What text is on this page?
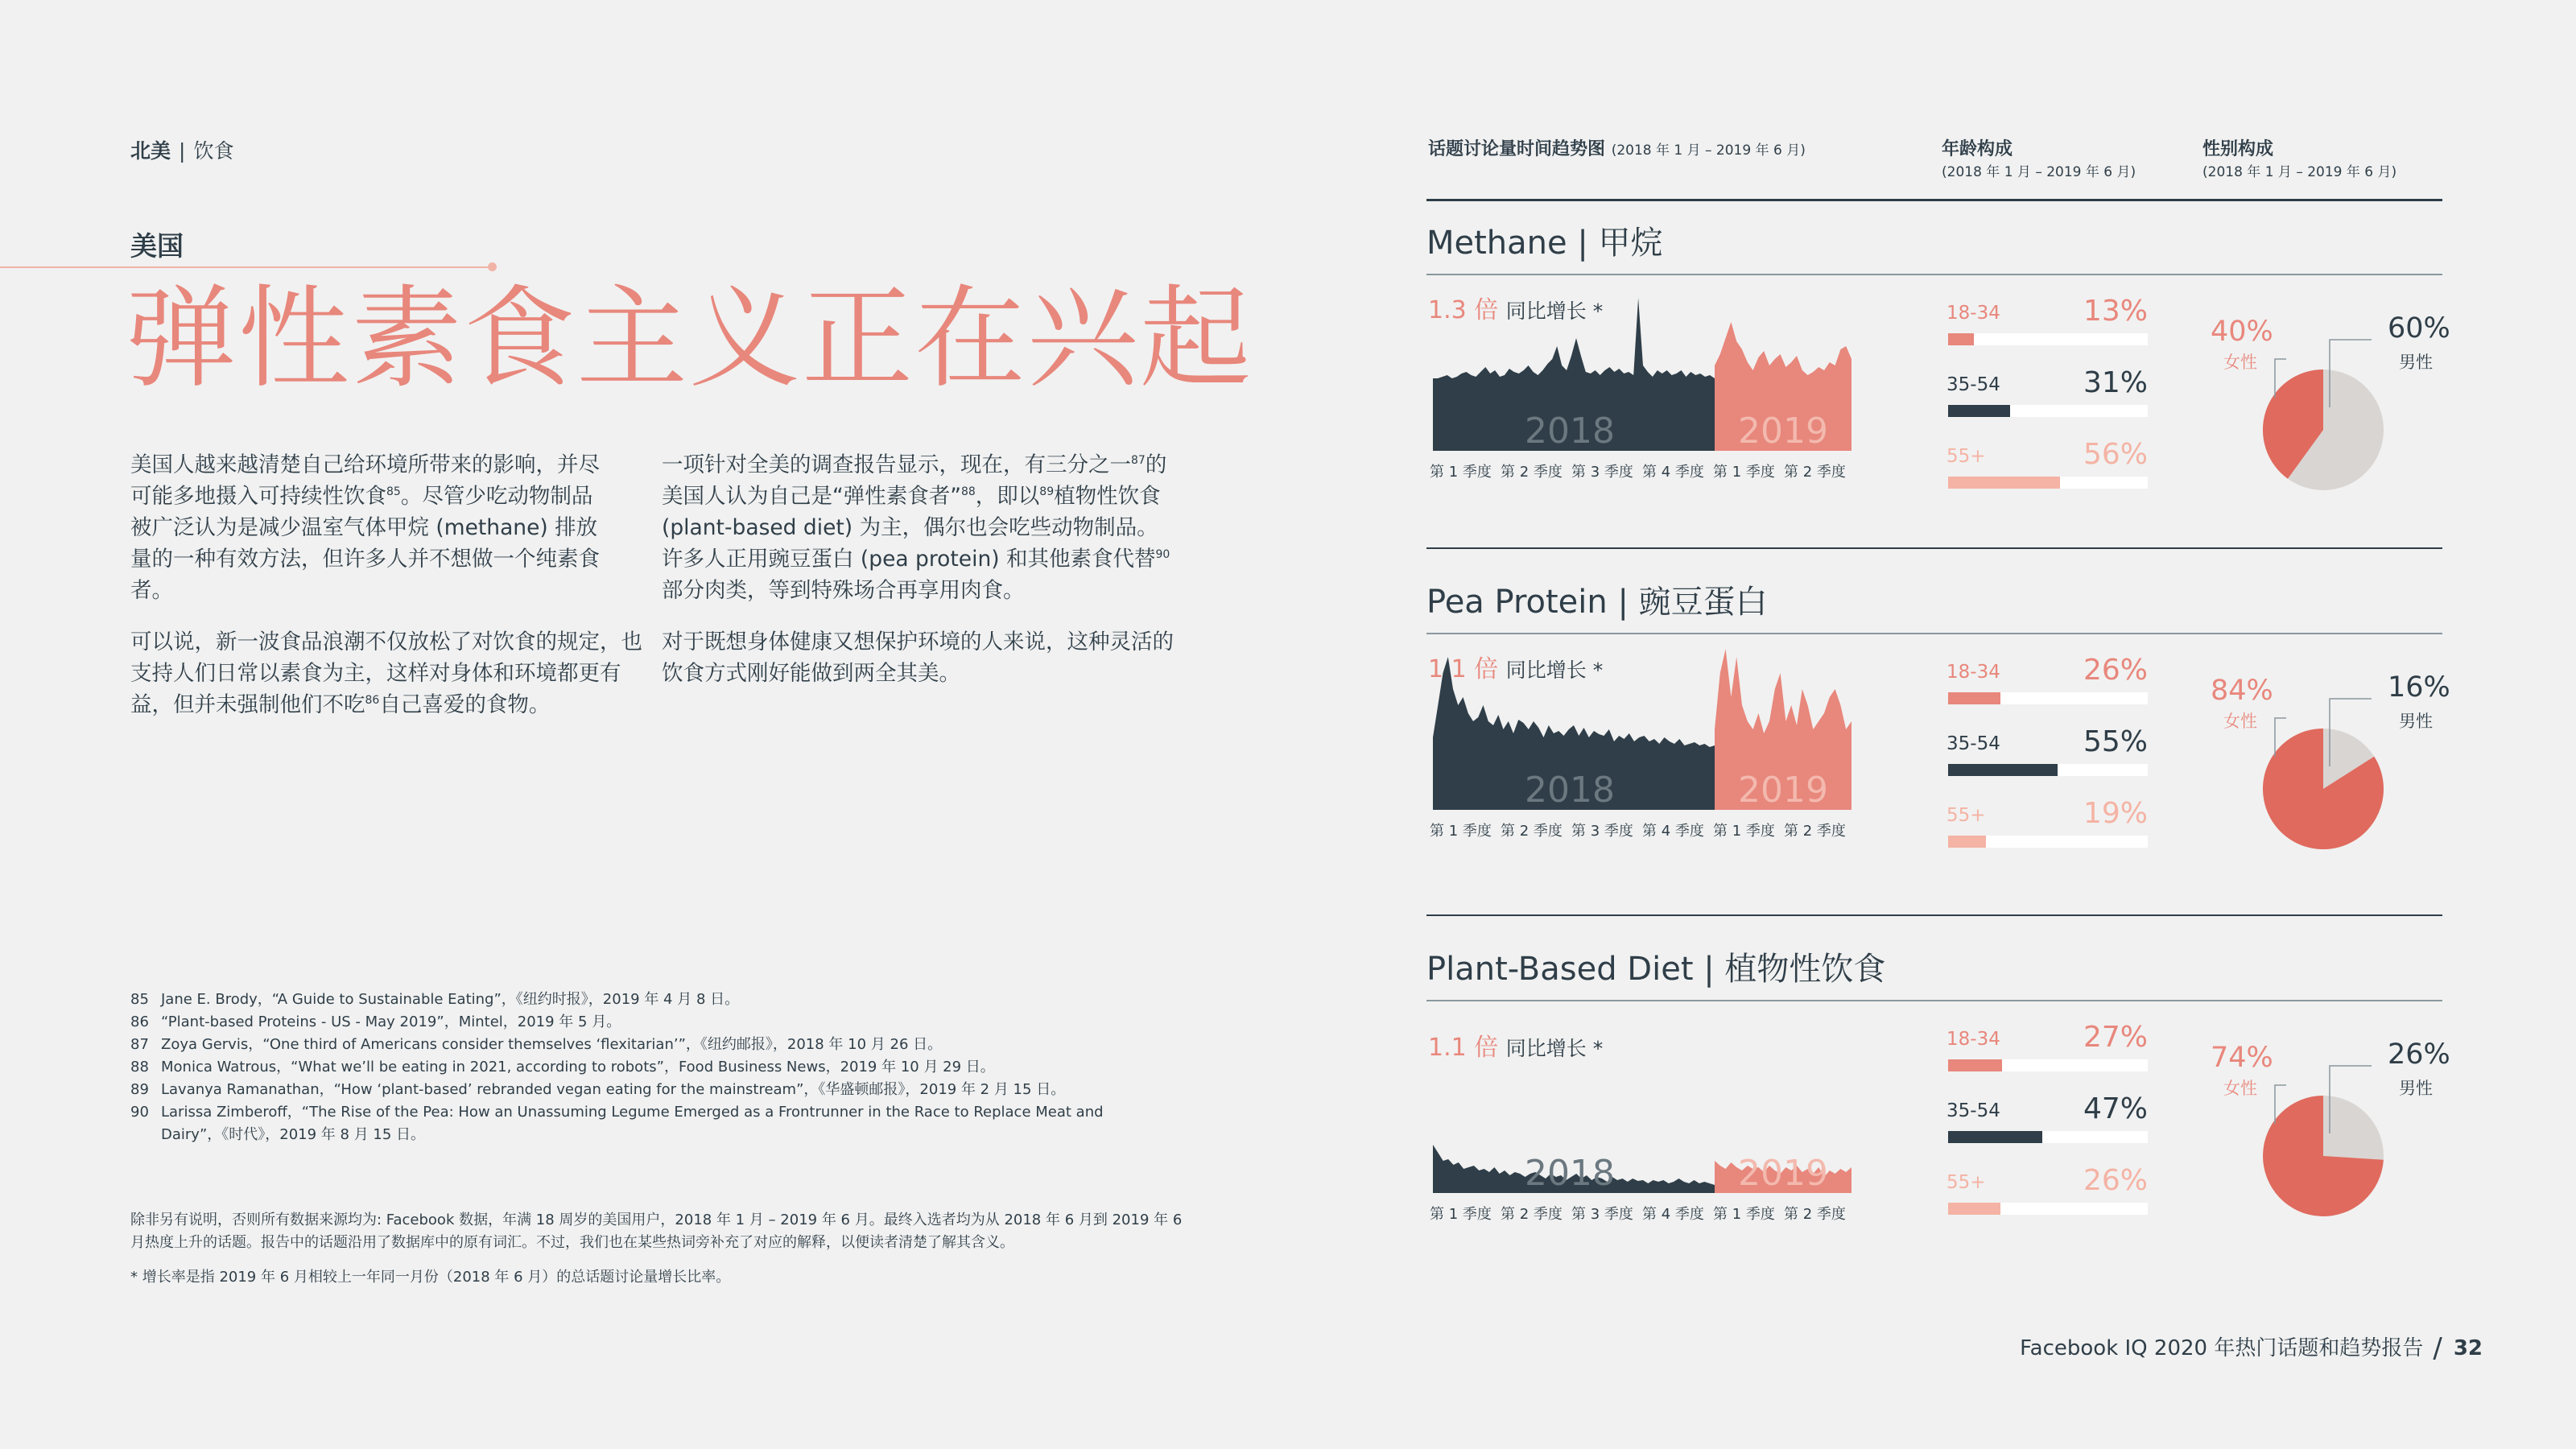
北美 | 饮食
美国
弹性素食主义正在兴起
美国人越来越清楚自己给环境所带来的影响，并尽可能多地摄入可持续性饮食$^{85}$。尽管少吃动物制品被广泛认为是减少温室气体甲烷 (methane) 排放量的一种有效方法，但许多人并不想做一个纯素食者。
可以说，新一波食品浪潮不仅放松了对饮食的规定，也支持人们日常以素食为主，这样对身体和环境都更有益，但并未强制他们不吃$^{86}$自己喜爱的食物。
一项针对全美的调查报告显示，现在，有三分之一$^{87}$的美国人认为自己是“弹性素食者”$^{88}$，即以$^{89}$植物性饮食 (plant-based diet) 为主，偶尔也会吃些动物制品。许多人正用豌豆蛋白 (pea protein) 和其他素食代替$^{90}$部分肉类，等到特殊场合再享用肉食。
对于既想身体健康又想保护环境的人来说，这种灵活的饮食方式刚好能做到两全其美。
85 Jane E. Brody，“A Guide to Sustainable Eating”，《纽约时报》，2019 年 4 月 8 日。
86 “Plant-based Proteins - US - May 2019”，Mintel，2019 年 5 月。
87 Zoya Gervis，“One third of Americans consider themselves ‘flexitarian’”，《纽约邮报》，2018 年 10 月 26 日。
88 Monica Watrous，“What we’ll be eating in 2021, according to robots”，Food Business News，2019 年 10 月 29 日。
89 Lavanya Ramanathan，“How ‘plant-based’ rebranded vegan eating for the mainstream”，《华盛顿邮报》，2019 年 2 月 15 日。
90 Larissa Zimberoff，“The Rise of the Pea: How an Unassuming Legume Emerged as a Frontrunner in the Race to Replace Meat and Dairy”，《时代》，2019 年 8 月 15 日。
除非另有说明，否则所有数据来源均为: Facebook 数据，年满 18 周岁的美国用户，2018 年 1 月 – 2019 年 6 月。最终入选者均为从 2018 年 6 月到 2019 年 6 月热度上升的话题。报告中的话题沿用了数据库中的原有词汇。不过，我们也在某些热词旁补充了对应的解释，以便读者清楚了解其含义。
* 增长率是指 2019 年 6 月相较上一年同一月份（2018 年 6 月）的总话题讨论量增长比率。
话题讨论量时间趋势图 (2018 年 1 月 – 2019 年 6 月)	年龄构成
(2018 年 1 月 – 2019 年 6 月)
性别构成
(2018 年 1 月 – 2019 年 6 月)
Methane | 甲烷
1.3 倍 同比增长 *
2018	2019
第 1 季度 第 2 季度 第 3 季度 第 4 季度 第 1 季度 第 2 季度
18-34	13%
35-54	31%
55+	56%
40%
女性
60%
男性
Pea Protein | 豌豆蛋白
1.1 倍 同比增长 *
2018	2019
第 1 季度 第 2 季度 第 3 季度 第 4 季度 第 1 季度 第 2 季度
18-34	26%
35-54	55%
55+	19%
84%
女性
16%
男性
Plant-Based Diet | 植物性饮食
1.1 倍 同比增长 *
2018	2019
第 1 季度 第 2 季度 第 3 季度 第 4 季度 第 1 季度 第 2 季度
18-34	27%
35-54	47%
55+	26%
74%
女性
26%
男性
Facebook IQ 2020 年热门话题和趋势报告 / 32
